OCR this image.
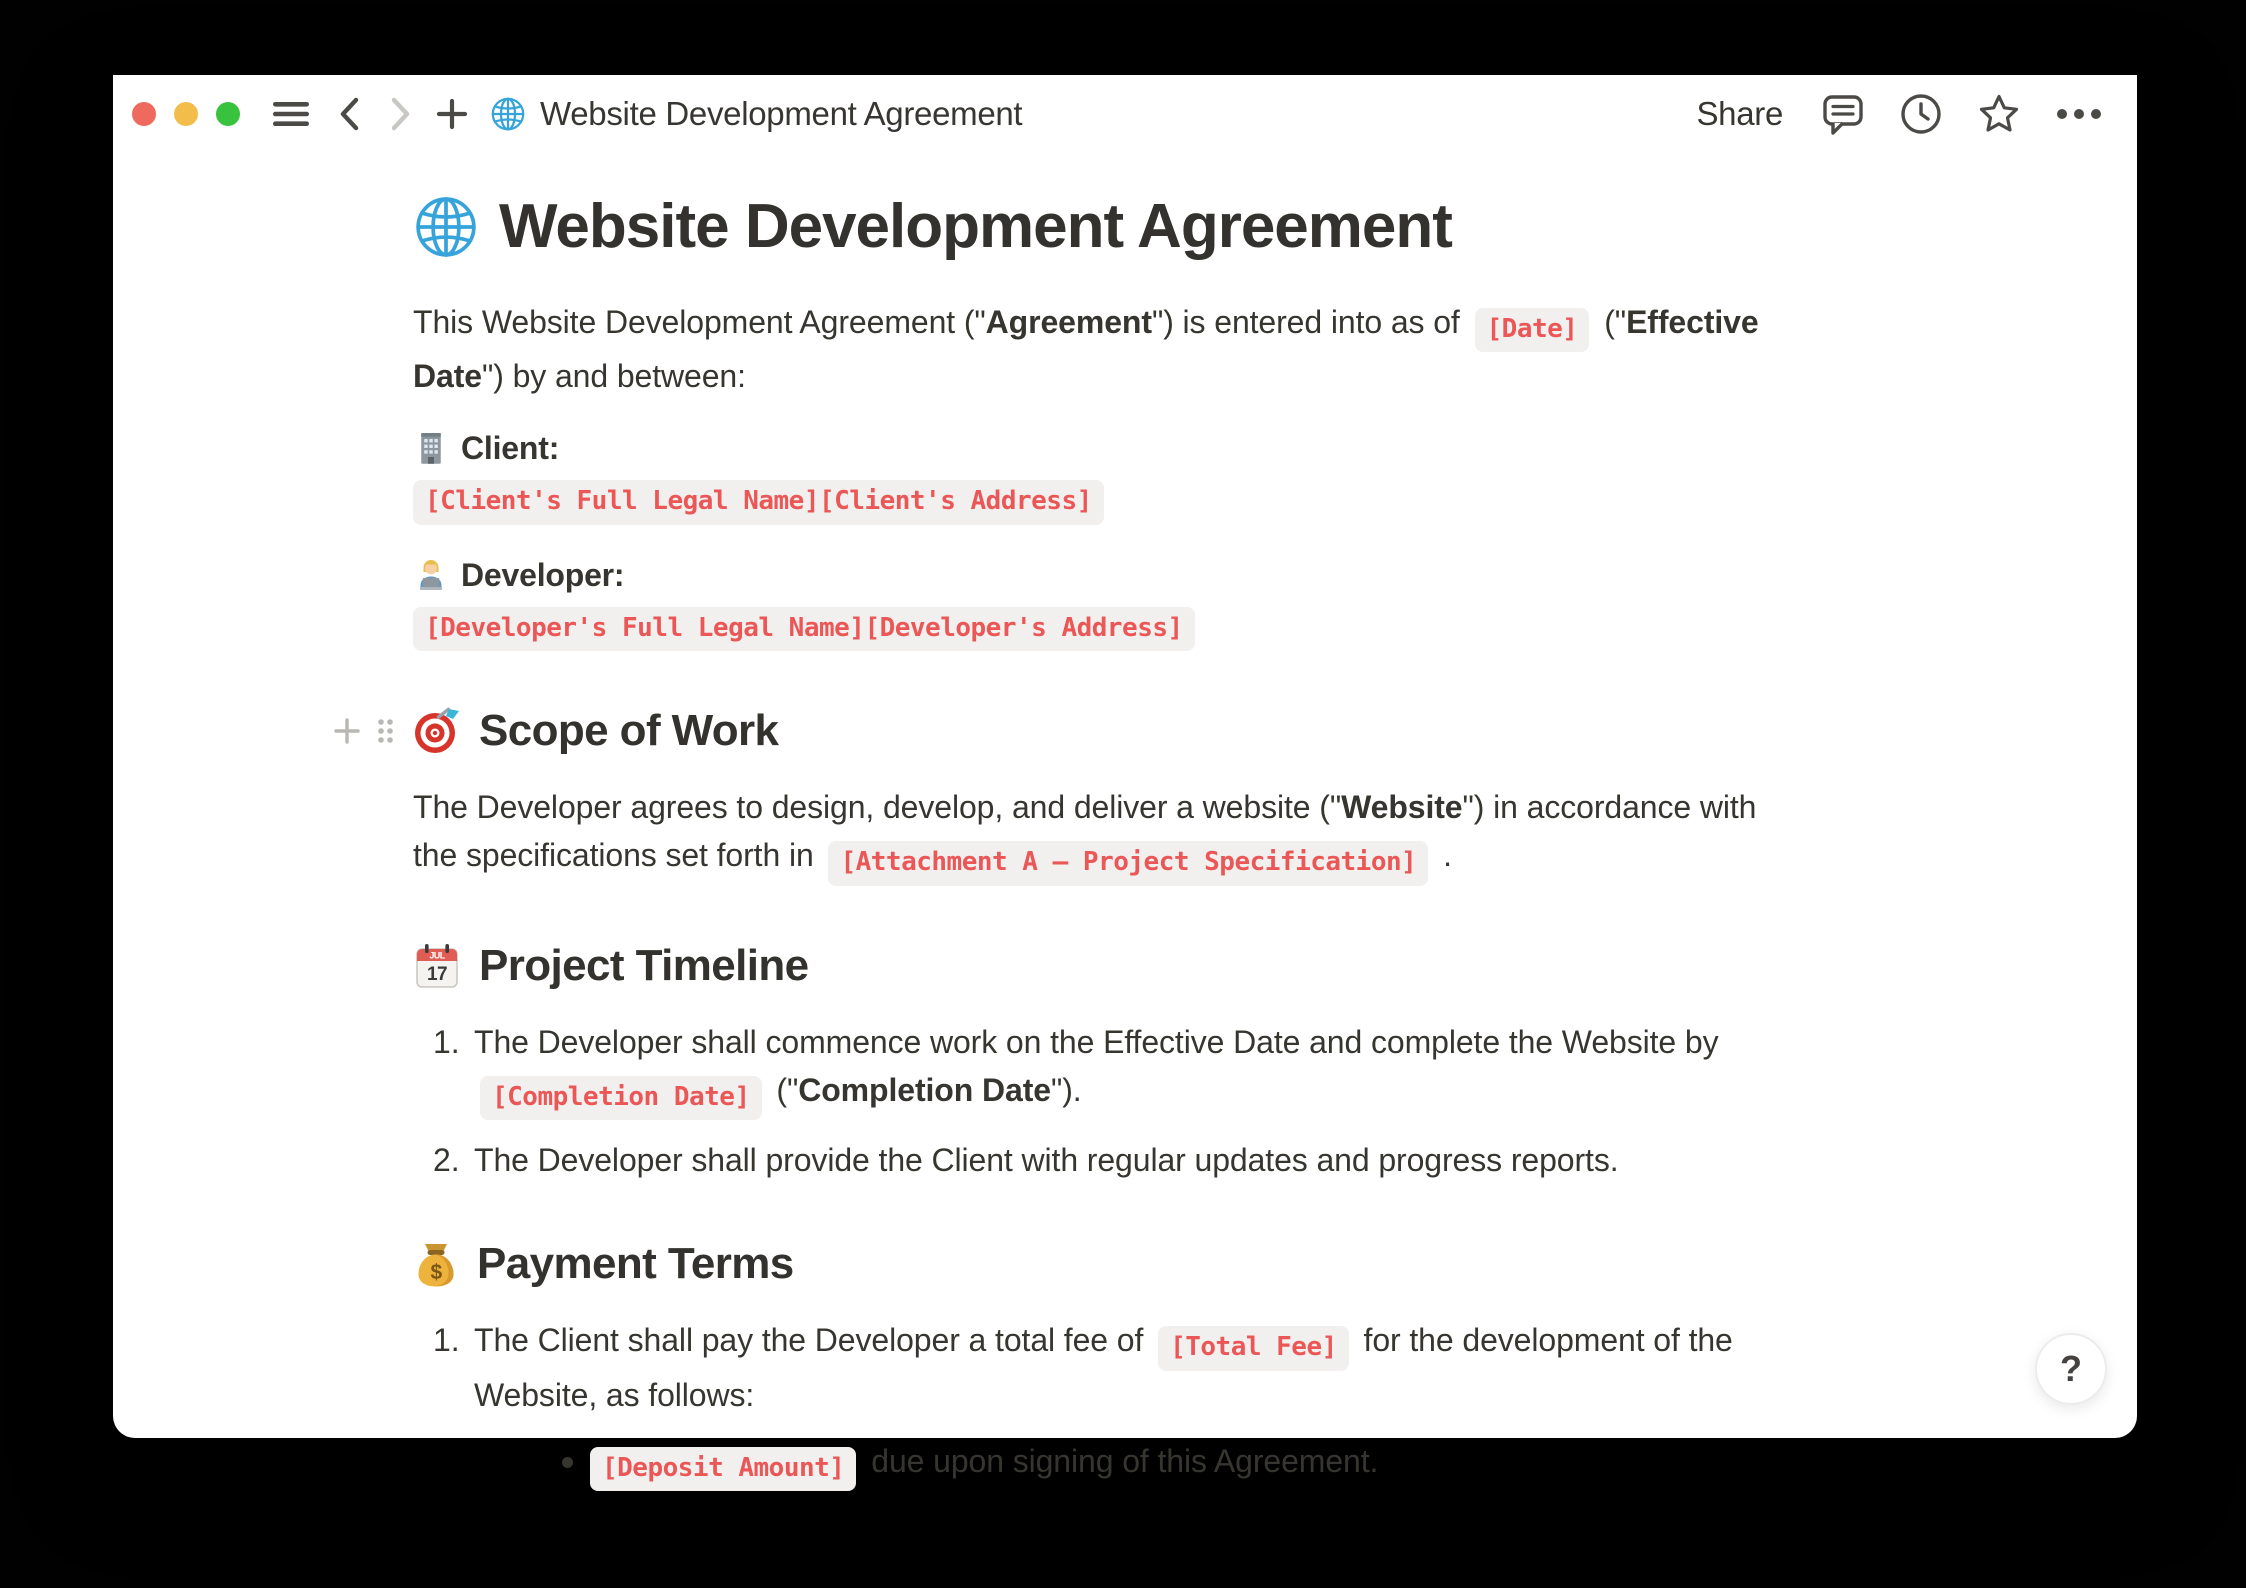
Website Development Agreement	Share
Website Development Agreement

This Website Development Agreement ("Agreement") is entered into as of [Date] ("Effective
Date") by and between:

Client:
[Client's Full Legal Name][Client's Address]
Developer:
[Developer's Full Legal Name][Developer's Address]
Scope of Work

The Developer agrees to design, develop, and deliver a website ("Website") in accordance with
the specifications set forth in [Attachment A — Project Specification] .

JUL
17 Project Timeline
1. The Developer shall commence work on the Effective Date and complete the Website by
[Completion Date] ("Completion Date").
2. The Developer shall provide the Client with regular updates and progress reports.
$ Payment Terms
1. The Client shall pay the Developer a total fee of [Total Fee] for the development of the
Website, as follows:
[Deposit Amount] due upon signing of this Agreement.
?
